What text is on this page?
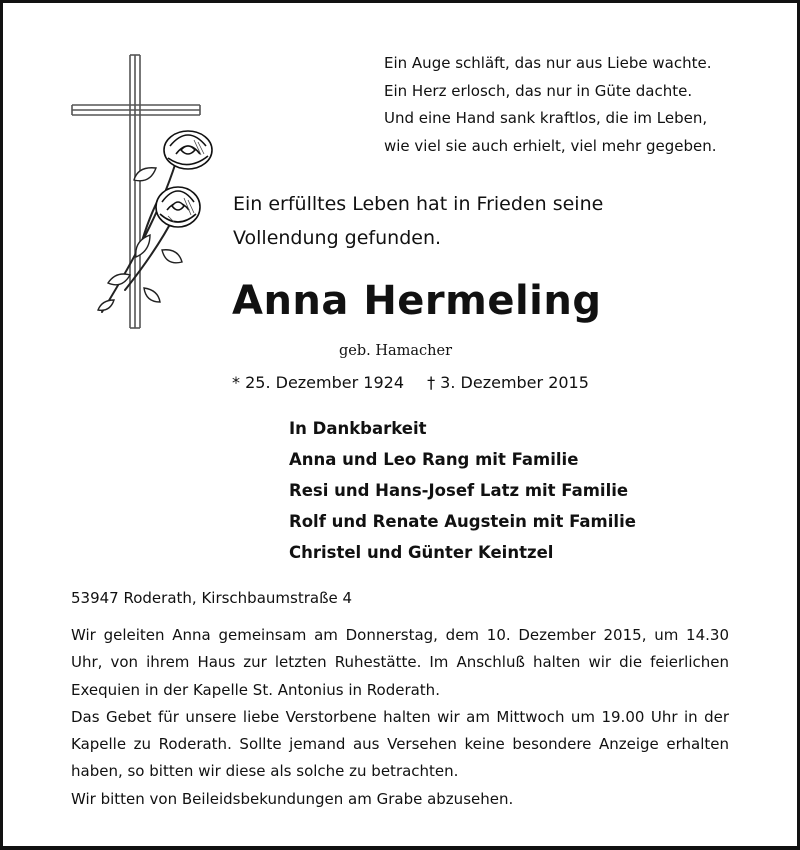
Ein Auge schläft, das nur aus Liebe wachte.
Ein Herz erlosch, das nur in Güte dachte.
Und eine Hand sank kraftlos, die im Leben,
wie viel sie auch erhielt, viel mehr gegeben.
Ein erfülltes Leben hat in Frieden seine
Vollendung gefunden.
Anna Hermeling
geb. Hamacher
* 25. Dezember 1924 † 3. Dezember 2015
In Dankbarkeit
Anna und Leo Rang mit Familie
Resi und Hans-Josef Latz mit Familie
Rolf und Renate Augstein mit Familie
Christel und Günter Keintzel
53947 Roderath, Kirschbaumstraße 4

Wir geleiten Anna gemeinsam am Donnerstag, dem 10. Dezember 2015, um 14.30 Uhr, von ihrem Haus zur letzten Ruhestätte. Im Anschluß halten wir die feierlichen Exequien in der Kapelle St. Antonius in Roderath.

Das Gebet für unsere liebe Verstorbene halten wir am Mittwoch um 19.00 Uhr in der Kapelle zu Roderath. Sollte jemand aus Versehen keine besondere Anzeige erhalten haben, so bitten wir diese als solche zu betrachten.

Wir bitten von Beileidsbekundungen am Grabe abzusehen.
